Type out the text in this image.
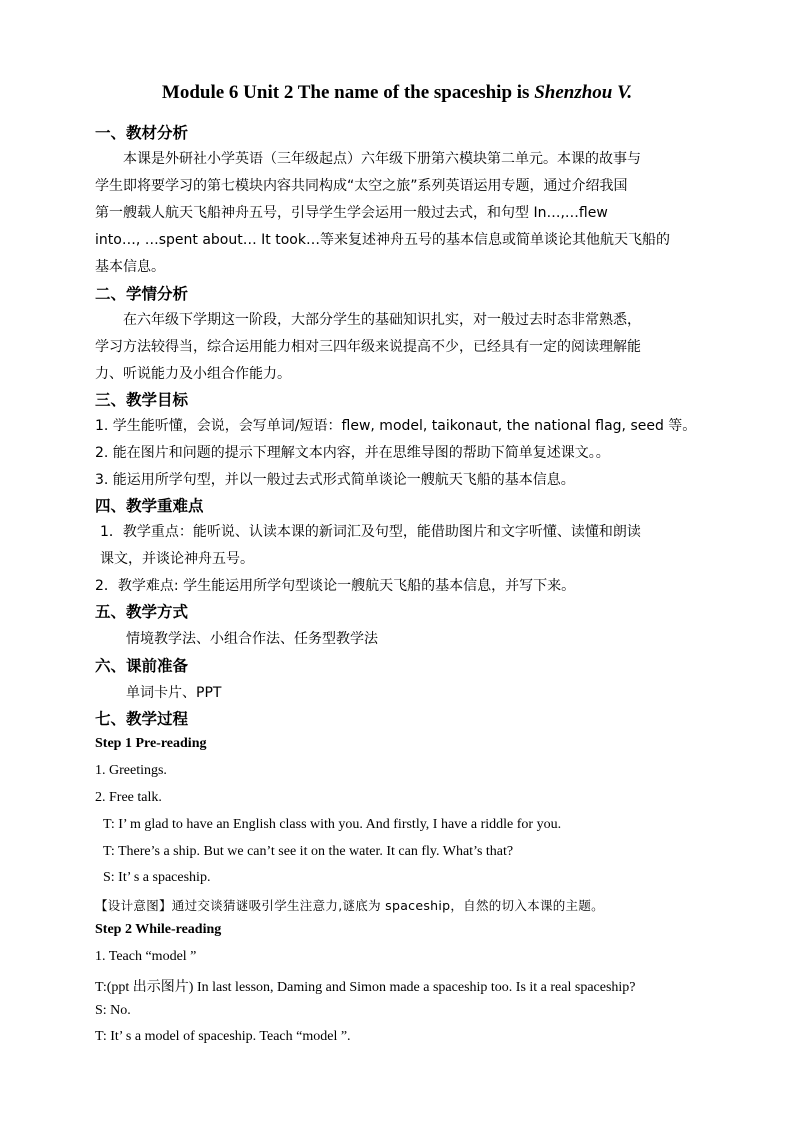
Module 6 Unit 2 The name of the spaceship is Shenzhou V.
一、教材分析
本课是外研社小学英语（三年级起点）六年级下册第六模块第二单元。本课的故事与
学生即将要学习的第七模块内容共同构成“太空之旅”系列英语运用专题，通过介绍我国
第一艘载人航天飞船神舟五号，引导学生学会运用一般过去式，和句型 In…,…flew
into…, …spent about… It took…等来复述神舟五号的基本信息或简单谈论其他航天飞船的
基本信息。
二、学情分析
在六年级下学期这一阶段，大部分学生的基础知识扎实，对一般过去时态非常熟悉，
学习方法较得当，综合运用能力相对三四年级来说提高不少，已经具有一定的阅读理解能
力、听说能力及小组合作能力。
三、教学目标
1. 学生能听懂，会说，会写单词/短语：flew, model, taikonaut, the national flag, seed 等。
2. 能在图片和问题的提示下理解文本内容，并在思维导图的帮助下简单复述课文。。
3. 能运用所学句型，并以一般过去式形式简单谈论一艘航天飞船的基本信息。
四、教学重难点
1．教学重点：能听说、认读本课的新词汇及句型，能借助图片和文字听懂、读懂和朗读
课文，并谈论神舟五号。
2．教学难点: 学生能运用所学句型谈论一艘航天飞船的基本信息，并写下来。
五、教学方式
情境教学法、小组合作法、任务型教学法
六、课前准备
单词卡片、PPT
七、教学过程
Step 1 Pre-reading
1. Greetings.
2. Free talk.
T: I’ m glad to have an English class with you. And firstly, I have a riddle for you.
T: There’s a ship. But we can’t see it on the water. It can fly. What’s that?
S: It’ s a spaceship.
【设计意图】通过交谈猜谜吸引学生注意力,谜底为 spaceship，自然的切入本课的主题。
Step 2 While-reading
1. Teach “model ”
T:(ppt 出示图片) In last lesson, Daming and Simon made a spaceship too. Is it a real spaceship?
S: No.
T: It’ s a model of spaceship. Teach “model ”.
